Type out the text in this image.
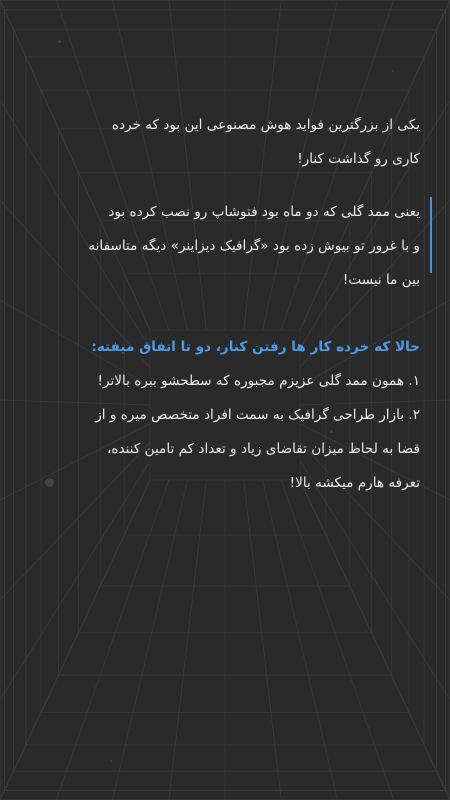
یکی از بزرگترین فواید هوش مصنوعی این بود که خرده

کاری رو گذاشت کنار!

یعنی ممد گلی که دو ماه بود فتوشاپ رو نصب کرده بود

و با غرور تو بیوش زده بود «گرافیک دیزاینر» دیگه متاسفانه

بین ما نیست!

حالا که خرده کار ها رفتن کنار، دو تا اتفاق میفته:

۱. همون ممد گلی عزیزم مجبوره که سطحشو ببره بالاتر!

۲. بازار طراحی گرافیک به سمت افراد متخصص میره و از

قضا به لحاظ میزان تقاضای زیاد و تعداد کم تامین کننده،

تعرفه هارم میکشه بالا!
